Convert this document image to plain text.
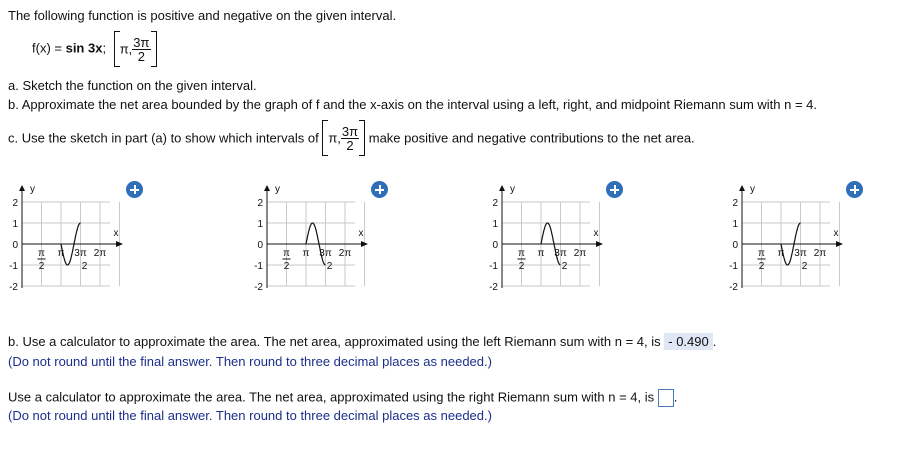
The following function is positive and negative on the given interval.
f(x) = sin 3x; π, $\frac{3\pi}{2}$
a. Sketch the function on the given interval.
b. Approximate the net area bounded by the graph of f and the x-axis on the interval using a left, right, and midpoint Riemann sum with n = 4.
c. Use the sketch in part (a) to show which intervals of π, $\frac{3\pi}{2}$ make positive and negative contributions to the net area.
y
x
2
1
0
-1
-2
π 3π 2π
π
2	2
y
x
2
1
0
-1
-2
π 3π 2π
π
2	2
y
x
2
1
0
-1
-2
π 3π 2π
π
2	2
y
x
2
1
0
-1
-2
π 3π 2π
π
2	2
b. Use a calculator to approximate the area. The net area, approximated using the left Riemann sum with n = 4, is - 0.490 .
(Do not round until the final answer. Then round to three decimal places as needed.)
Use a calculator to approximate the area. The net area, approximated using the right Riemann sum with n = 4, is .
(Do not round until the final answer. Then round to three decimal places as needed.)
